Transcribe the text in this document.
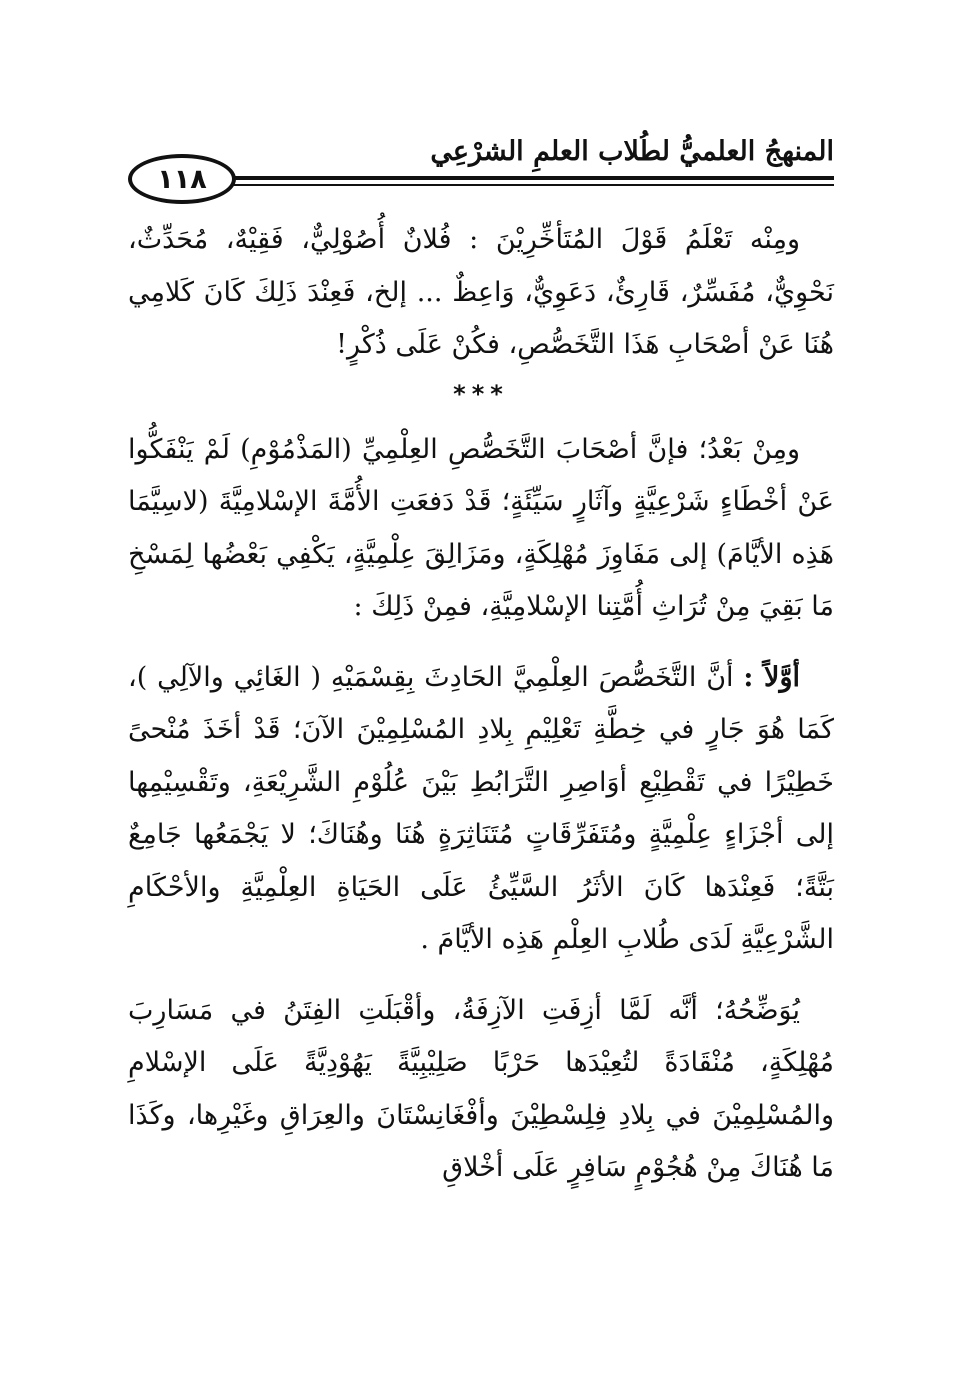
المنهجُ العلميُّ لطُلاب العلمِ الشرْعِي
١١٨

ومِنْه تَعْلَمُ قَوْلَ المُتَأخِّرِيْنَ : فُلانٌ أُصُوْلِيٌّ، فَقِيْهٌ، مُحَدِّثٌ، نَحْوِيٌّ، مُفَسِّرٌ، قَارِئٌ، دَعَوِيٌّ، وَاعِظٌ ... إلخ، فَعِنْدَ ذَلِكَ كَانَ كَلامِي هُنَا عَنْ أصْحَابِ هَذَا التَّخَصُّصِ، فكُنْ عَلَى ذُكْرٍ!

***

ومِنْ بَعْدُ؛ فإنَّ أصْحَابَ التَّخَصُّصِ العِلْمِيِّ (المَذْمُوْمِ) لَمْ يَنْفَكُّوا عَنْ أخْطَاءٍ شَرْعِيَّةٍ وآثَارٍ سَيِّئَةٍ؛ قَدْ دَفعَتِ الأُمَّةَ الإسْلامِيَّةَ (لاسِيَّمَا هَذِه الأيَّامَ) إلى مَفَاوِزَ مُهْلِكَةٍ، ومَزَالِقَ عِلْمِيَّةٍ، يَكْفِي بَعْضُها لِمَسْخِ مَا بَقِيَ مِنْ تُرَاثِ أُمَّتِنا الإسْلامِيَّةِ، فمِنْ ذَلِكَ :

أوَّلاً : أنَّ التَّخَصُّصَ العِلْمِيَّ الحَادِثَ بِقِسْمَيْهِ ( الغَائِي والآلِي )، كَمَا هُوَ جَارٍ في خِطَّةِ تَعْلِيْمِ بِلادِ المُسْلِمِيْنَ الآنَ؛ قَدْ أخَذَ مُنْحىً خَطِيْرًا في تَقْطِيْعِ أوَاصِرِ التَّرَابُطِ بَيْنَ عُلُوْمِ الشَّرِيْعَةِ، وتَقْسِيْمِها إلى أجْزَاءٍ عِلْمِيَّةٍ ومُتَفَرِّقَاتٍ مُتَنَاثِرَةٍ هُنَا وهُنَاكَ؛ لا يَجْمَعُها جَامِعٌ بَتَّةً؛ فَعِنْدَها كَانَ الأثَرُ السَّيِّئُ عَلَى الحَيَاةِ العِلْمِيَّةِ والأحْكَامِ الشَّرْعِيَّةِ لَدَى طُلابِ العِلْمِ هَذِه الأيَّامَ .

يُوَضِّحُهُ؛ أنَّه لَمَّا أزِفَتِ الآزِفَةُ، وأقْبَلَتِ الفِتَنُ في مَسَارِبَ مُهْلِكَةٍ، مُنْقَادَةً لتُعِيْدَها حَرْبًا صَلِيْبِيَّةً يَهُوْدِيَّةً عَلَى الإسْلامِ والمُسْلِمِيْنَ في بِلادِ فِلِسْطِيْنَ وأفْغَانِسْتَانَ والعِرَاقِ وغَيْرِها، وكَذَا مَا هُنَاكَ مِنْ هُجُوْمٍ سَافِرٍ عَلَى أخْلاقِ
